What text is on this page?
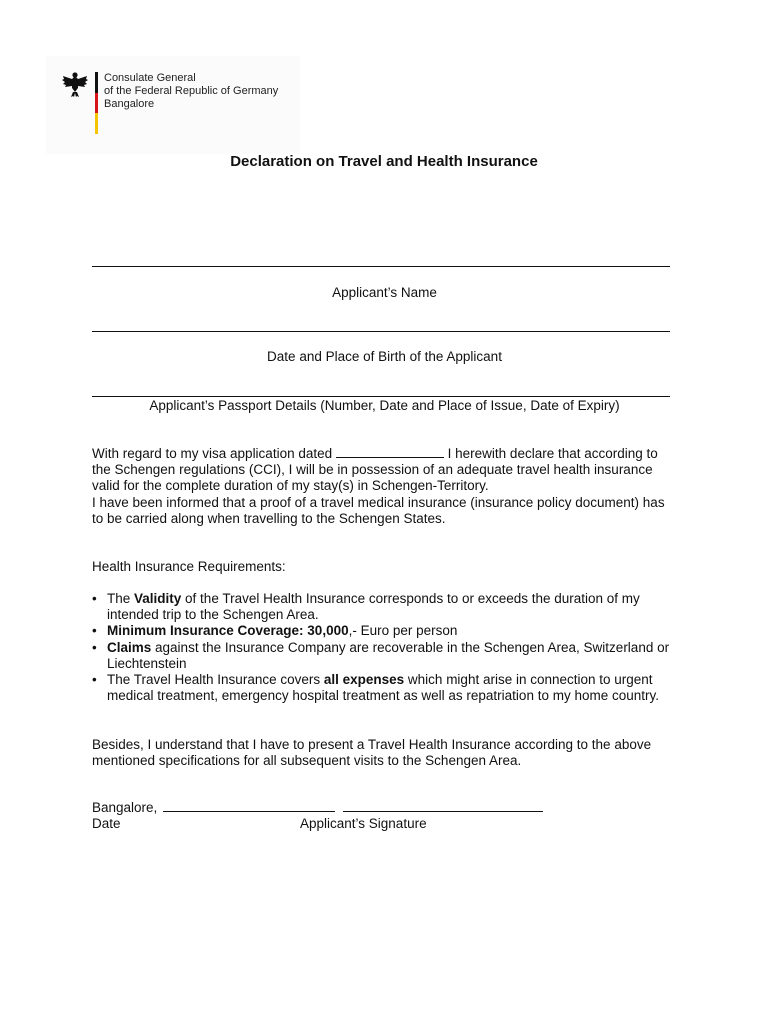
Consulate General
of the Federal Republic of Germany
Bangalore
Declaration on Travel and Health Insurance
Applicant’s Name
Date and Place of Birth of the Applicant
Applicant’s Passport Details (Number, Date and Place of Issue, Date of Expiry)

With regard to my visa application dated	I herewith declare that according to the Schengen regulations (CCI), I will be in possession of an adequate travel health insurance valid for the complete duration of my stay(s) in Schengen-Territory.

I have been informed that a proof of a travel medical insurance (insurance policy document) has to be carried along when travelling to the Schengen States.

Health Insurance Requirements:
• The Validity of the Travel Health Insurance corresponds to or exceeds the duration of my intended trip to the Schengen Area.
• Minimum Insurance Coverage: 30,000,- Euro per person
• Claims against the Insurance Company are recoverable in the Schengen Area, Switzerland or Liechtenstein
• The Travel Health Insurance covers all expenses which might arise in connection to urgent medical treatment, emergency hospital treatment as well as repatriation to my home country.
Besides, I understand that I have to present a Travel Health Insurance according to the above mentioned specifications for all subsequent visits to the Schengen Area.
Bangalore,
Date	Applicant’s Signature
